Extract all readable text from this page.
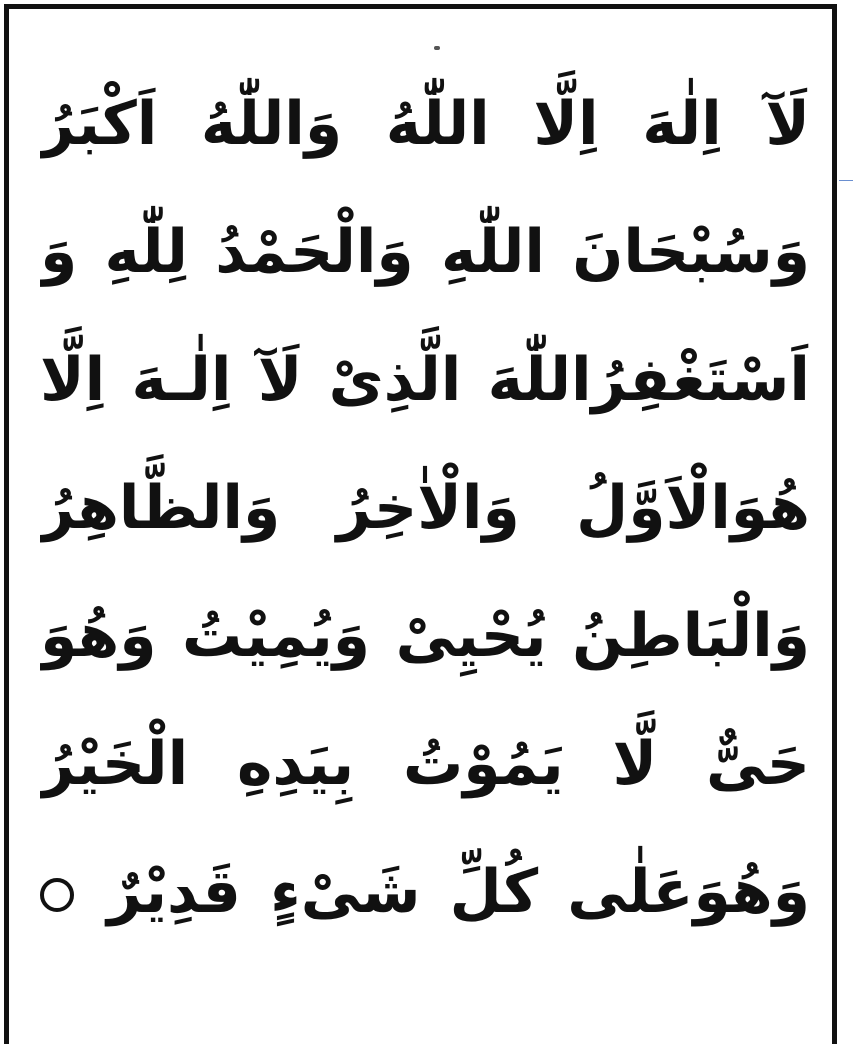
لَآ اِلٰهَ اِلَّا اللّٰهُ وَاللّٰهُ اَكْبَرُ
وَسُبْحَانَ اللّٰهِ وَالْحَمْدُ لِلّٰهِ وَ
اَسْتَغْفِرُاللّٰهَ الَّذِیْ لَآ اِلٰـهَ اِلَّا
هُوَالْاَوَّلُ وَالْاٰخِرُ وَالظَّاهِرُ
وَالْبَاطِنُ يُحْیِیْ وَيُمِيْتُ وَهُوَ
حَیٌّ لَّا يَمُوْتُ بِيَدِهِ الْخَيْرُ
وَهُوَعَلٰى كُلِّ شَیْءٍ قَدِيْرٌ
